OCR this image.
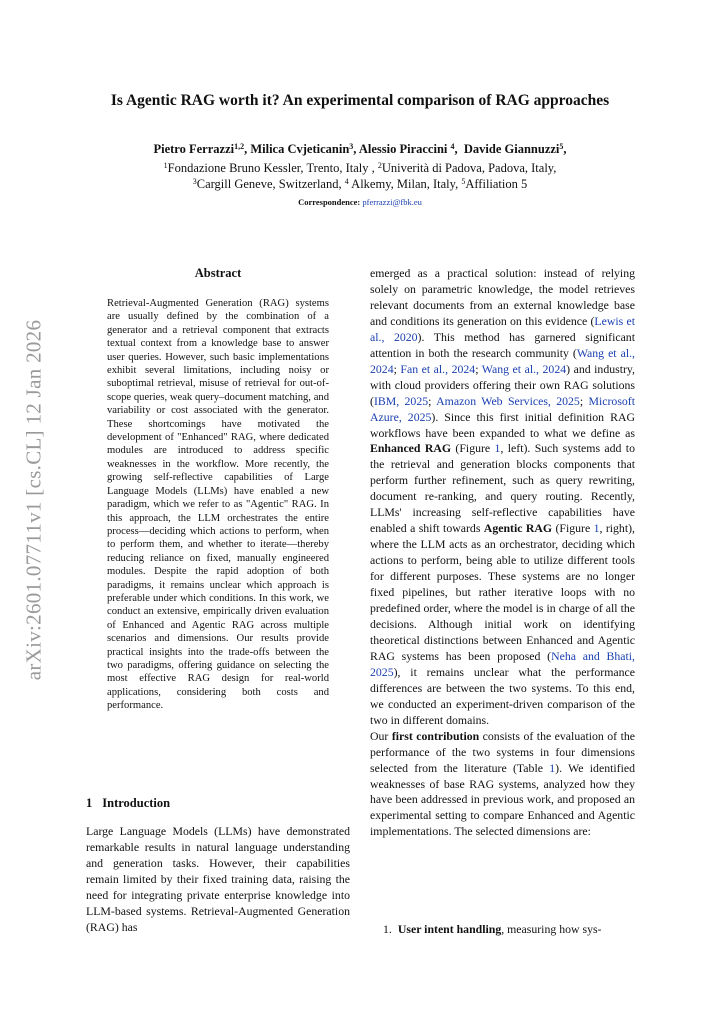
arXiv:2601.07711v1 [cs.CL] 12 Jan 2026
Is Agentic RAG worth it? An experimental comparison of RAG approaches
Pietro Ferrazzi$^{1,2}$, Milica Cvjeticanin$^3$, Alessio Piraccini $^4$,  Davide Giannuzzi$^5$,
$^1$Fondazione Bruno Kessler, Trento, Italy , $^2$Univerità di Padova, Padova, Italy,
$^3$Cargill Geneve, Switzerland, $^4$ Alkemy, Milan, Italy, $^5$Affiliation 5
Correspondence: pferrazzi@fbk.eu
Abstract
Retrieval-Augmented Generation (RAG) systems are usually defined by the combination of a generator and a retrieval component that extracts textual context from a knowledge base to answer user queries. However, such basic implementations exhibit several limitations, including noisy or suboptimal retrieval, misuse of retrieval for out-of-scope queries, weak query–document matching, and variability or cost associated with the generator. These shortcomings have motivated the development of "Enhanced" RAG, where dedicated modules are introduced to address specific weaknesses in the workflow. More recently, the growing self-reflective capabilities of Large Language Models (LLMs) have enabled a new paradigm, which we refer to as "Agentic" RAG. In this approach, the LLM orchestrates the entire process—deciding which actions to perform, when to perform them, and whether to iterate—thereby reducing reliance on fixed, manually engineered modules. Despite the rapid adoption of both paradigms, it remains unclear which approach is preferable under which conditions. In this work, we conduct an extensive, empirically driven evaluation of Enhanced and Agentic RAG across multiple scenarios and dimensions. Our results provide practical insights into the trade-offs between the two paradigms, offering guidance on selecting the most effective RAG design for real-world applications, considering both costs and performance.
1 Introduction
Large Language Models (LLMs) have demonstrated remarkable results in natural language understanding and generation tasks. However, their capabilities remain limited by their fixed training data, raising the need for integrating private enterprise knowledge into LLM-based systems. Retrieval-Augmented Generation (RAG) has

emerged as a practical solution: instead of relying solely on parametric knowledge, the model retrieves relevant documents from an external knowledge base and conditions its generation on this evidence (Lewis et al., 2020). This method has garnered significant attention in both the research community (Wang et al., 2024; Fan et al., 2024; Wang et al., 2024) and industry, with cloud providers offering their own RAG solutions (IBM, 2025; Amazon Web Services, 2025; Microsoft Azure, 2025). Since this first initial definition RAG workflows have been expanded to what we define as Enhanced RAG (Figure 1, left). Such systems add to the retrieval and generation blocks components that perform further refinement, such as query rewriting, document re-ranking, and query routing. Recently, LLMs' increasing self-reflective capabilities have enabled a shift towards Agentic RAG (Figure 1, right), where the LLM acts as an orchestrator, deciding which actions to perform, being able to utilize different tools for different purposes. These systems are no longer fixed pipelines, but rather iterative loops with no predefined order, where the model is in charge of all the decisions. Although initial work on identifying theoretical distinctions between Enhanced and Agentic RAG systems has been proposed (Neha and Bhati, 2025), it remains unclear what the performance differences are between the two systems. To this end, we conducted an experiment-driven comparison of the two in different domains.

Our first contribution consists of the evaluation of the performance of the two systems in four dimensions selected from the literature (Table 1). We identified weaknesses of base RAG systems, analyzed how they have been addressed in previous work, and proposed an experimental setting to compare Enhanced and Agentic implementations. The selected dimensions are:

1. User intent handling, measuring how sys-
